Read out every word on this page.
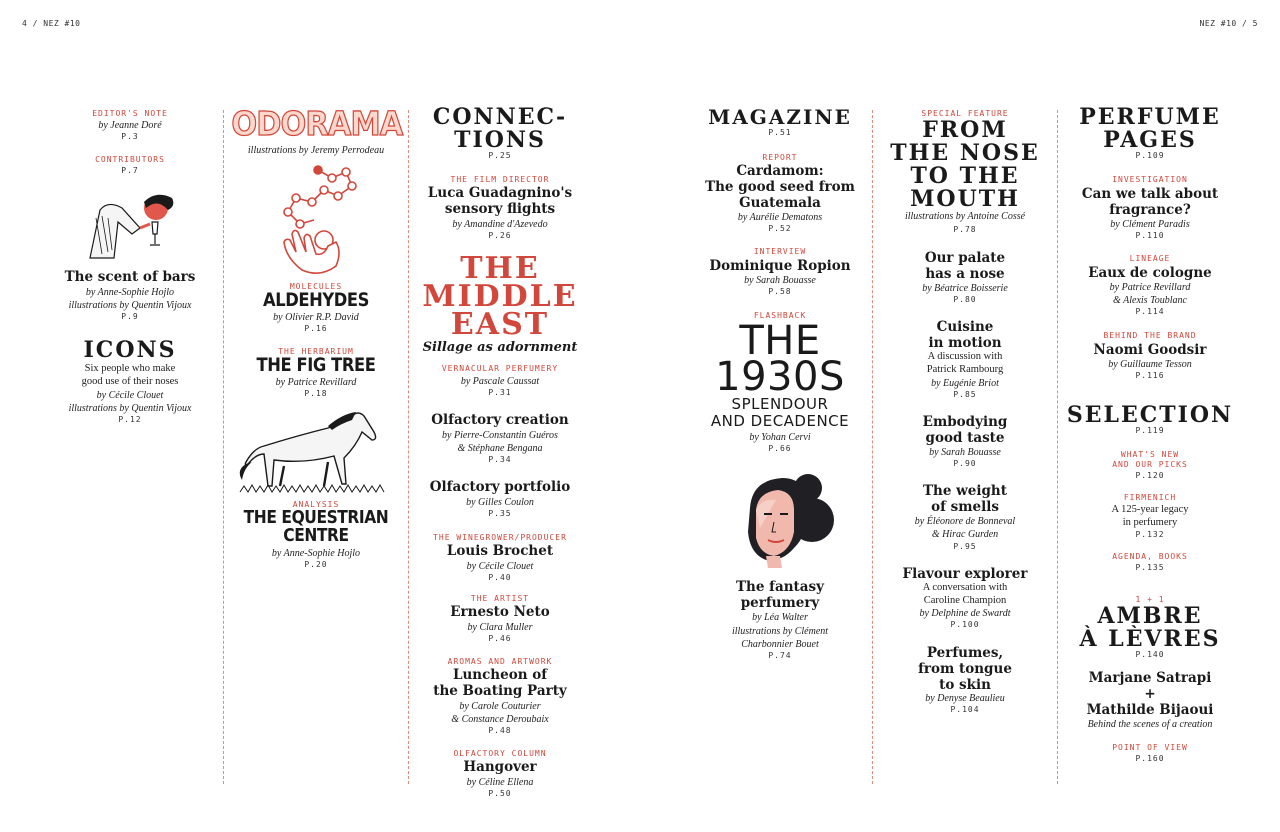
4 / NEZ #10	NEZ #10 / 5
EDITOR'S NOTE
by Jeanne Doré
P.3
CONTRIBUTORS
P.7
The scent of bars
by Anne-Sophie Hojlo
illustrations by Quentin Vijoux
P.9
ICONS
Six people who make
good use of their noses
by Cécile Clouet
illustrations by Quentin Vijoux
P.12
ODORAMA
illustrations by Jeremy Perrodeau
MOLECULES
ALDEHYDES
by Olivier R.P. David
P.16
THE HERBARIUM
THE FIG TREE
by Patrice Revillard
P.18
ANALYSIS
THE EQUESTRIAN
CENTRE
by Anne-Sophie Hojlo
P.20
CONNEC-
TIONS
P.25
THE FILM DIRECTOR
Luca Guadagnino's
sensory flights
by Amandine d'Azevedo
P.26
THE
MIDDLE
EAST
Sillage as adornment
VERNACULAR PERFUMERY
by Pascale Caussat
P.31
Olfactory creation
by Pierre-Constantin Guéros
& Stéphane Bengana
P.34
Olfactory portfolio
by Gilles Coulon
P.35
THE WINEGROWER/PRODUCER
Louis Brochet
by Cécile Clouet
P.40
THE ARTIST
Ernesto Neto
by Clara Muller
P.46
AROMAS AND ARTWORK
Luncheon of
the Boating Party
by Carole Couturier
& Constance Deroubaix
P.48
OLFACTORY COLUMN
Hangover
by Céline Ellena
P.50
MAGAZINE
P.51
REPORT
Cardamom:
The good seed from
Guatemala
by Aurélie Dematons
P.52
INTERVIEW
Dominique Ropion
by Sarah Bouasse
P.58
FLASHBACK
THE
1930S
SPLENDOUR
AND DECADENCE
by Yohan Cervi
P.66
The fantasy
perfumery
by Léa Walter
illustrations by Clément
Charbonnier Bouet
P.74
SPECIAL FEATURE
FROM
THE NOSE
TO THE
MOUTH
illustrations by Antoine Cossé
P.78
Our palate
has a nose
by Béatrice Boisserie
P.80
Cuisine
in motion
A discussion with
Patrick Rambourg
by Eugénie Briot
P.85
Embodying
good taste
by Sarah Bouasse
P.90
The weight
of smells
by Éléonore de Bonneval
& Hirac Gurden
P.95
Flavour explorer
A conversation with
Caroline Champion
by Delphine de Swardt
P.100
Perfumes,
from tongue
to skin
by Denyse Beaulieu
P.104
PERFUME
PAGES
P.109
INVESTIGATION
Can we talk about
fragrance?
by Clément Paradis
P.110
LINEAGE
Eaux de cologne
by Patrice Revillard
& Alexis Toublanc
P.114
BEHIND THE BRAND
Naomi Goodsir
by Guillaume Tesson
P.116
SELECTION
P.119
WHAT'S NEW
AND OUR PICKS
P.120
FIRMENICH
A 125-year legacy
in perfumery
P.132
AGENDA, BOOKS
P.135
1 + 1
AMBRE
À LÈVRES
P.140
Marjane Satrapi
+
Mathilde Bijaoui
Behind the scenes of a creation
POINT OF VIEW
P.160
